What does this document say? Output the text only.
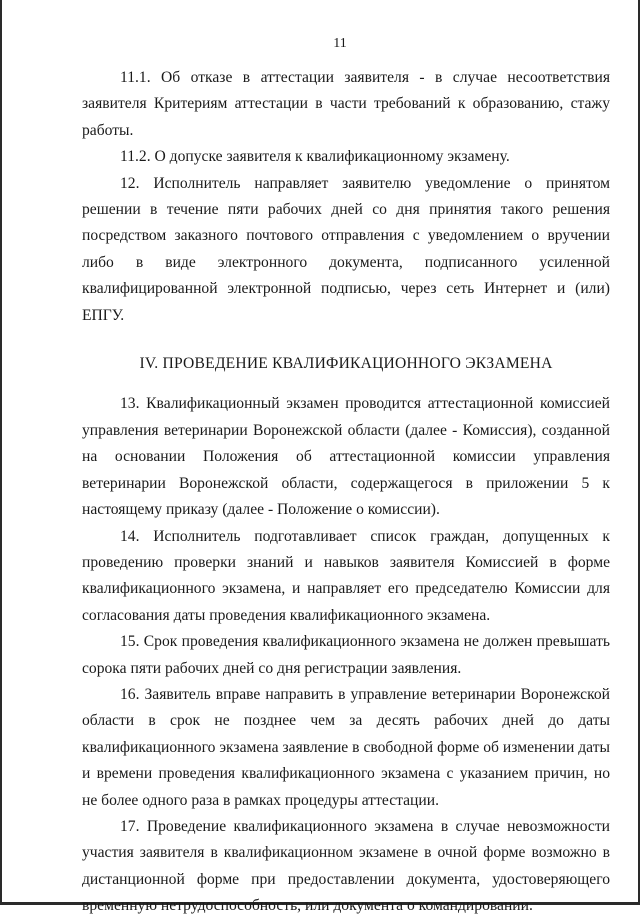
11

11.1. Об отказе в аттестации заявителя - в случае несоответствия заявителя Критериям аттестации в части требований к образованию, стажу работы.

11.2. О допуске заявителя к квалификационному экзамену.

12. Исполнитель направляет заявителю уведомление о принятом решении в течение пяти рабочих дней со дня принятия такого решения посредством заказного почтового отправления с уведомлением о вручении либо в виде электронного документа, подписанного усиленной квалифицированной электронной подписью, через сеть Интернет и (или) ЕПГУ.

IV. ПРОВЕДЕНИЕ КВАЛИФИКАЦИОННОГО ЭКЗАМЕНА

13. Квалификационный экзамен проводится аттестационной комиссией управления ветеринарии Воронежской области (далее - Комиссия), созданной на основании Положения об аттестационной комиссии управления ветеринарии Воронежской области, содержащегося в приложении 5 к настоящему приказу (далее - Положение о комиссии).

14. Исполнитель подготавливает список граждан, допущенных к проведению проверки знаний и навыков заявителя Комиссией в форме квалификационного экзамена, и направляет его председателю Комиссии для согласования даты проведения квалификационного экзамена.

15. Срок проведения квалификационного экзамена не должен превышать сорока пяти рабочих дней со дня регистрации заявления.

16. Заявитель вправе направить в управление ветеринарии Воронежской области в срок не позднее чем за десять рабочих дней до даты квалификационного экзамена заявление в свободной форме об изменении даты и времени проведения квалификационного экзамена с указанием причин, но не более одного раза в рамках процедуры аттестации.

17. Проведение квалификационного экзамена в случае невозможности участия заявителя в квалификационном экзамене в очной форме возможно в дистанционной форме при предоставлении документа, удостоверяющего временную нетрудоспособность, или документа о командировании.
